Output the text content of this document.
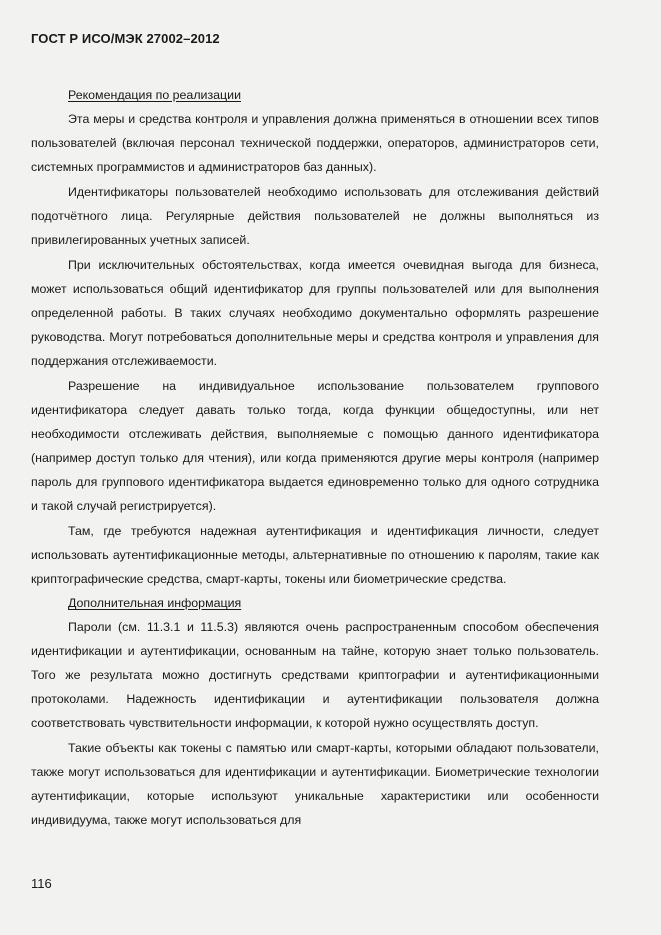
ГОСТ Р ИСО/МЭК 27002–2012

Рекомендация по реализации

Эта меры и средства контроля и управления должна применяться в отношении всех типов пользователей (включая персонал технической поддержки, операторов, администраторов сети, системных программистов и администраторов баз данных).

Идентификаторы пользователей необходимо использовать для отслеживания действий подотчётного лица. Регулярные действия пользователей не должны выполняться из привилегированных учетных записей.

При исключительных обстоятельствах, когда имеется очевидная выгода для бизнеса, может использоваться общий идентификатор для группы пользователей или для выполнения определенной работы. В таких случаях необходимо документально оформлять разрешение руководства. Могут потребоваться дополнительные меры и средства контроля и управления для поддержания отслеживаемости.

Разрешение на индивидуальное использование пользователем группового идентификатора следует давать только тогда, когда функции общедоступны, или нет необходимости отслеживать действия, выполняемые с помощью данного идентификатора (например доступ только для чтения), или когда применяются другие меры контроля (например пароль для группового идентификатора выдается единовременно только для одного сотрудника и такой случай регистрируется).

Там, где требуются надежная аутентификация и идентификация личности, следует использовать аутентификационные методы, альтернативные по отношению к паролям, такие как криптографические средства, смарт-карты, токены или биометрические средства.

Дополнительная информация

Пароли (см. 11.3.1 и 11.5.3) являются очень распространенным способом обеспечения идентификации и аутентификации, основанным на тайне, которую знает только пользователь. Того же результата можно достигнуть средствами криптографии и аутентификационными протоколами. Надежность идентификации и аутентификации пользователя должна соответствовать чувствительности информации, к которой нужно осуществлять доступ.

Такие объекты как токены с памятью или смарт-карты, которыми обладают пользователи, также могут использоваться для идентификации и аутентификации. Биометрические технологии аутентификации, которые используют уникальные характеристики или особенности индивидуума, также могут использоваться для

116
